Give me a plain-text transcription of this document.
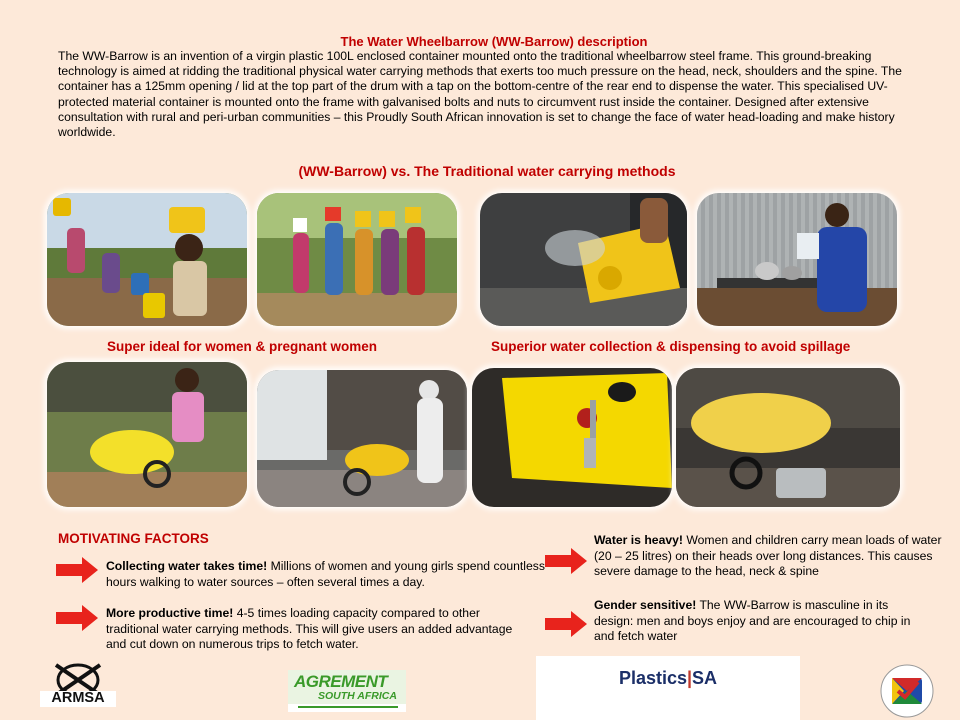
The Water Wheelbarrow (WW-Barrow) description
The WW-Barrow is an invention of a virgin plastic 100L enclosed container mounted onto the traditional wheelbarrow steel frame. This ground-breaking technology is aimed at ridding the traditional physical water carrying methods that exerts too much pressure on the head, neck, shoulders and the spine. The container has a 125mm opening / lid at the top part of the drum with a tap on the bottom-centre of the rear end to dispense the water. This specialised UV-protected material container is mounted onto the frame with galvanised bolts and nuts to circumvent rust inside the container. Designed after extensive consultation with rural and peri-urban communities – this Proudly South African innovation is set to change the face of water head-loading and make history worldwide.
(WW-Barrow) vs. The Traditional water carrying methods
Super ideal for women & pregnant women	Superior water collection & dispensing to avoid spillage
MOTIVATING FACTORS
Collecting water takes time! Millions of women and young girls spend countless hours walking to water sources – often several times a day.
More productive time! 4-5 times loading capacity compared to other traditional water carrying methods. This will give users an added advantage and cut down on numerous trips to fetch water.
Water is heavy! Women and children carry mean loads of water (20 – 25 litres) on their heads over long distances. This causes severe damage to the head, neck & spine
Gender sensitive! The WW-Barrow is masculine in its design: men and boys enjoy and are encouraged to chip in and fetch water
ARMSA
AGREMENT
SOUTH AFRICA
Plastics|SA
